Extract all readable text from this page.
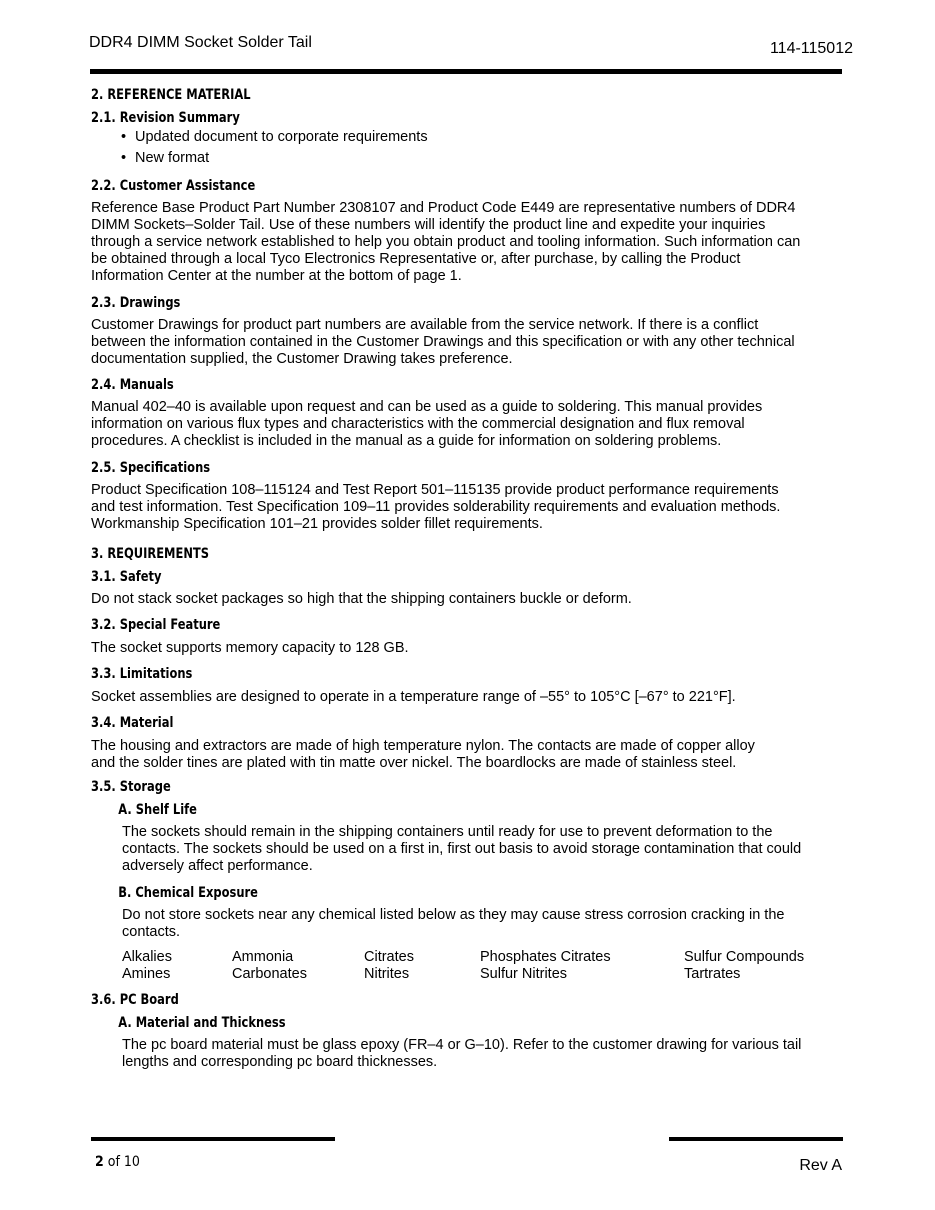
DDR4 DIMM Socket Solder Tail	114-115012
2. REFERENCE MATERIAL
2.1. Revision Summary
• Updated document to corporate requirements
• New format
2.2. Customer Assistance
Reference Base Product Part Number 2308107 and Product Code E449 are representative numbers of DDR4
DIMM Sockets–Solder Tail. Use of these numbers will identify the product line and expedite your inquiries
through a service network established to help you obtain product and tooling information. Such information can
be obtained through a local Tyco Electronics Representative or, after purchase, by calling the Product
Information Center at the number at the bottom of page 1.
2.3. Drawings
Customer Drawings for product part numbers are available from the service network. If there is a conflict
between the information contained in the Customer Drawings and this specification or with any other technical
documentation supplied, the Customer Drawing takes preference.
2.4. Manuals
Manual 402–40 is available upon request and can be used as a guide to soldering. This manual provides
information on various flux types and characteristics with the commercial designation and flux removal
procedures. A checklist is included in the manual as a guide for information on soldering problems.
2.5. Specifications
Product Specification 108–115124 and Test Report 501–115135 provide product performance requirements
and test information. Test Specification 109–11 provides solderability requirements and evaluation methods.
Workmanship Specification 101–21 provides solder fillet requirements.
3. REQUIREMENTS
3.1. Safety
Do not stack socket packages so high that the shipping containers buckle or deform.
3.2. Special Feature
The socket supports memory capacity to 128 GB.
3.3. Limitations
Socket assemblies are designed to operate in a temperature range of –55° to 105°C [–67° to 221°F].
3.4. Material
The housing and extractors are made of high temperature nylon. The contacts are made of copper alloy
and the solder tines are plated with tin matte over nickel. The boardlocks are made of stainless steel.
3.5. Storage
A. Shelf Life
The sockets should remain in the shipping containers until ready for use to prevent deformation to the
contacts. The sockets should be used on a first in, first out basis to avoid storage contamination that could
adversely affect performance.
B. Chemical Exposure
Do not store sockets near any chemical listed below as they may cause stress corrosion cracking in the
contacts.
Alkalies	Ammonia	Citrates	Phosphates Citrates	Sulfur Compounds
Amines	Carbonates	Nitrites	Sulfur Nitrites	Tartrates
3.6. PC Board
A. Material and Thickness
The pc board material must be glass epoxy (FR–4 or G–10). Refer to the customer drawing for various tail
lengths and corresponding pc board thicknesses.
2 of 10	Rev A
